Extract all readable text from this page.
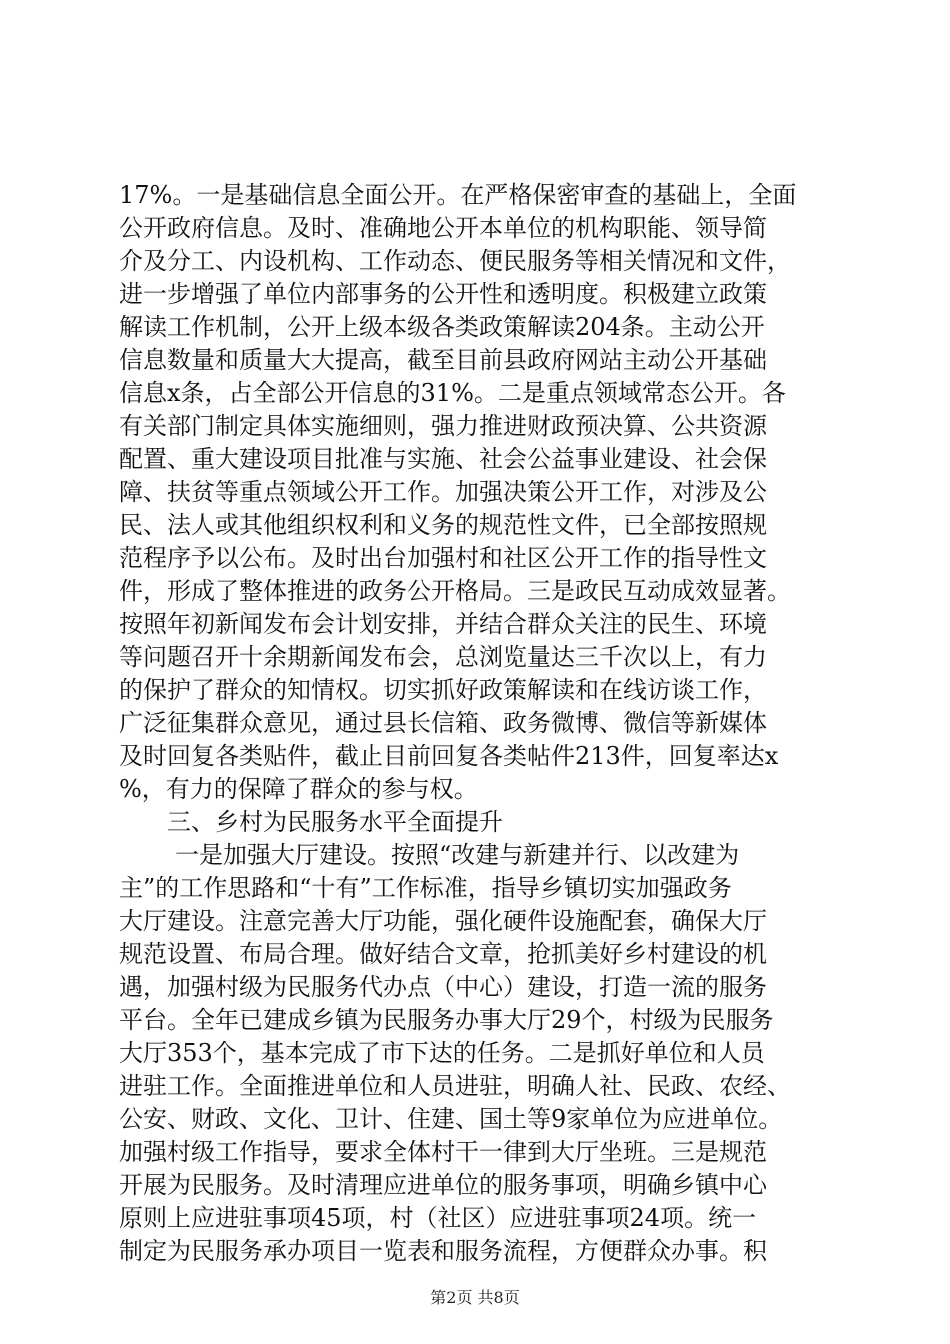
17%。一是基础信息全面公开。在严格保密审查的基础上，全面
公开政府信息。及时、准确地公开本单位的机构职能、领导简
介及分工、内设机构、工作动态、便民服务等相关情况和文件，
进一步增强了单位内部事务的公开性和透明度。积极建立政策
解读工作机制，公开上级本级各类政策解读204条。主动公开
信息数量和质量大大提高，截至目前县政府网站主动公开基础
信息x条，占全部公开信息的31%。二是重点领域常态公开。各
有关部门制定具体实施细则，强力推进财政预决算、公共资源
配置、重大建设项目批准与实施、社会公益事业建设、社会保
障、扶贫等重点领域公开工作。加强决策公开工作，对涉及公
民、法人或其他组织权利和义务的规范性文件，已全部按照规
范程序予以公布。及时出台加强村和社区公开工作的指导性文
件，形成了整体推进的政务公开格局。三是政民互动成效显著。
按照年初新闻发布会计划安排，并结合群众关注的民生、环境
等问题召开十余期新闻发布会，总浏览量达三千次以上，有力
的保护了群众的知情权。切实抓好政策解读和在线访谈工作，
广泛征集群众意见，通过县长信箱、政务微博、微信等新媒体
及时回复各类贴件，截止目前回复各类帖件213件，回复率达x
%，有力的保障了群众的参与权。
三、乡村为民服务水平全面提升
一是加强大厅建设。按照“改建与新建并行、以改建为
主”的工作思路和“十有”工作标准，指导乡镇切实加强政务
大厅建设。注意完善大厅功能，强化硬件设施配套，确保大厅
规范设置、布局合理。做好结合文章，抢抓美好乡村建设的机
遇，加强村级为民服务代办点（中心）建设，打造一流的服务
平台。全年已建成乡镇为民服务办事大厅29个，村级为民服务
大厅353个，基本完成了市下达的任务。二是抓好单位和人员
进驻工作。全面推进单位和人员进驻，明确人社、民政、农经、
公安、财政、文化、卫计、住建、国土等9家单位为应进单位。
加强村级工作指导，要求全体村干一律到大厅坐班。三是规范
开展为民服务。及时清理应进单位的服务事项，明确乡镇中心
原则上应进驻事项45项，村（社区）应进驻事项24项。统一
制定为民服务承办项目一览表和服务流程，方便群众办事。积
第2页 共8页
